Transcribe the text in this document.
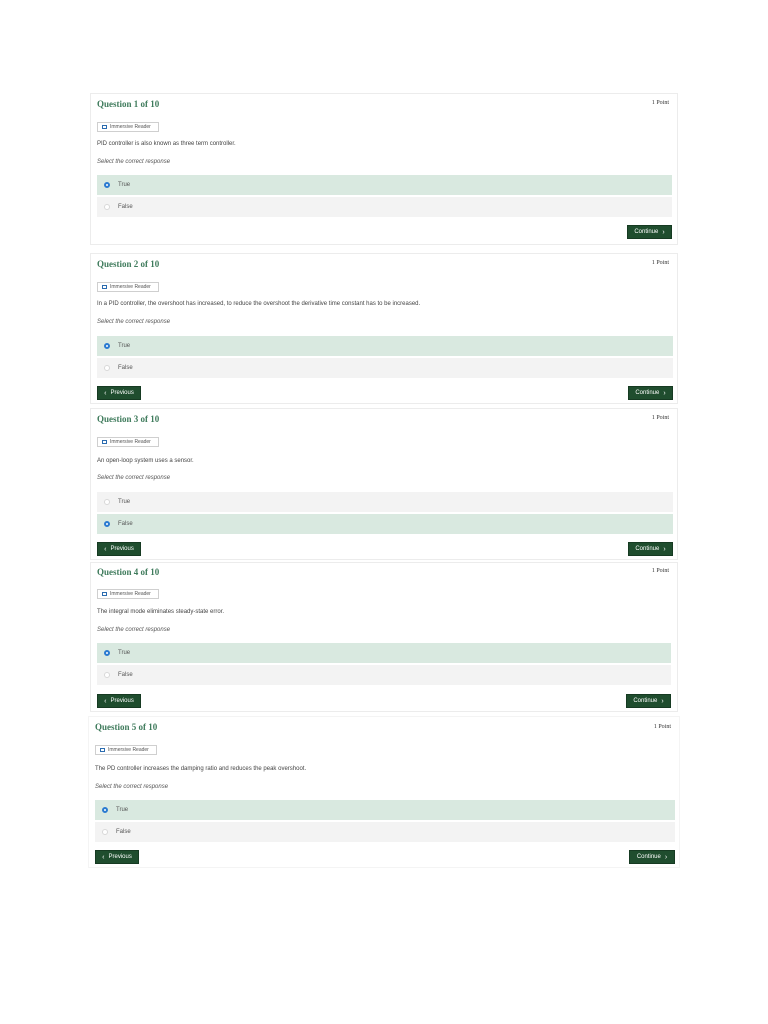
Question 1 of 10	1 Point
Immersive Reader
PID controller is also known as three term controller.
Select the correct response
True
False
Continue ›
Question 2 of 10	1 Point
Immersive Reader
In a PID controller, the overshoot has increased, to reduce the overshoot the derivative time constant has to be increased.
Select the correct response
True
False
‹ Previous	Continue ›
Question 3 of 10	1 Point
Immersive Reader
An open-loop system uses a sensor.
Select the correct response
True
False
‹ Previous	Continue ›
Question 4 of 10	1 Point
Immersive Reader
The integral mode eliminates steady-state error.
Select the correct response
True
False
‹ Previous	Continue ›
Question 5 of 10	1 Point
Immersive Reader
The PD controller increases the damping ratio and reduces the peak overshoot.
Select the correct response
True
False
‹ Previous	Continue ›
